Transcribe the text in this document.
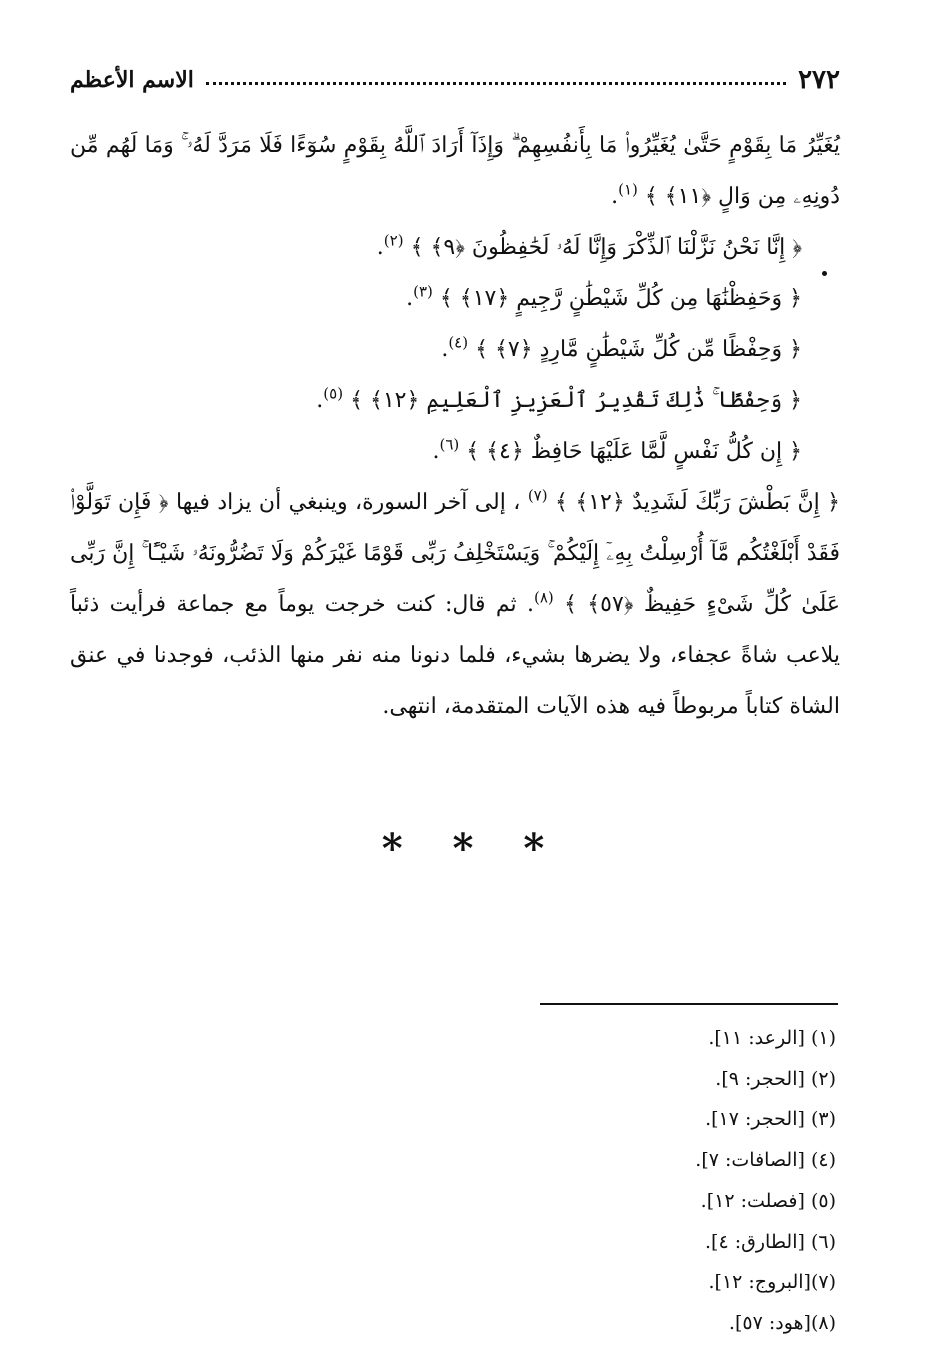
٢٧٢
الاسم الأعظم

يُغَيِّرُ مَا بِقَوْمٍ حَتَّىٰ يُغَيِّرُوا۟ مَا بِأَنفُسِهِمْ ۗ وَإِذَآ أَرَادَ ٱللَّهُ بِقَوْمٍ سُوٓءًا فَلَا مَرَدَّ لَهُۥ ۚ وَمَا لَهُم مِّن دُونِهِۦ مِن وَالٍ ﴿١١﴾ ﴾ $^{(١)}$.

﴿ إِنَّا نَحْنُ نَزَّلْنَا ٱلذِّكْرَ وَإِنَّا لَهُۥ لَحَٰفِظُونَ ﴿٩﴾ ﴾ $^{(٢)}$.

﴿ وَحَفِظْنَٰهَا مِن كُلِّ شَيْطَٰنٍ رَّجِيمٍ ﴿١٧﴾ ﴾ $^{(٣)}$.

﴿ وَحِفْظًا مِّن كُلِّ شَيْطَٰنٍ مَّارِدٍ ﴿٧﴾ ﴾ $^{(٤)}$.

﴿ وَحِفْظًا ۚ ذَٰلِكَ تَقْدِيرُ ٱلْعَزِيزِ ٱلْعَلِيمِ ﴿١٢﴾ ﴾ $^{(٥)}$.

﴿ إِن كُلُّ نَفْسٍ لَّمَّا عَلَيْهَا حَافِظٌ ﴿٤﴾ ﴾ $^{(٦)}$.

﴿ إِنَّ بَطْشَ رَبِّكَ لَشَدِيدٌ ﴿١٢﴾ ﴾ $^{(٧)}$ ، إلى آخر السورة، وينبغي أن يزاد فيها ﴿ فَإِن تَوَلَّوْا۟ فَقَدْ أَبْلَغْتُكُم مَّآ أُرْسِلْتُ بِهِۦٓ إِلَيْكُمْ ۚ وَيَسْتَخْلِفُ رَبِّى قَوْمًا غَيْرَكُمْ وَلَا تَضُرُّونَهُۥ شَيْـًٔا ۚ إِنَّ رَبِّى عَلَىٰ كُلِّ شَىْءٍ حَفِيظٌ ﴿٥٧﴾ ﴾ $^{(٨)}$. ثم قال: كنت خرجت يوماً مع جماعة فرأيت ذئباً يلاعب شاةً عجفاء، ولا يضرها بشيء، فلما دنونا منه نفر منها الذئب، فوجدنا في عنق الشاة كتاباً مربوطاً فيه هذه الآيات المتقدمة، انتهى.

* * *

(١) [الرعد: ١١].

(٢) [الحجر: ٩].

(٣) [الحجر: ١٧].

(٤) [الصافات: ٧].

(٥) [فصلت: ١٢].

(٦) [الطارق: ٤].

(٧)[البروج: ١٢].

(٨)[هود: ٥٧].
